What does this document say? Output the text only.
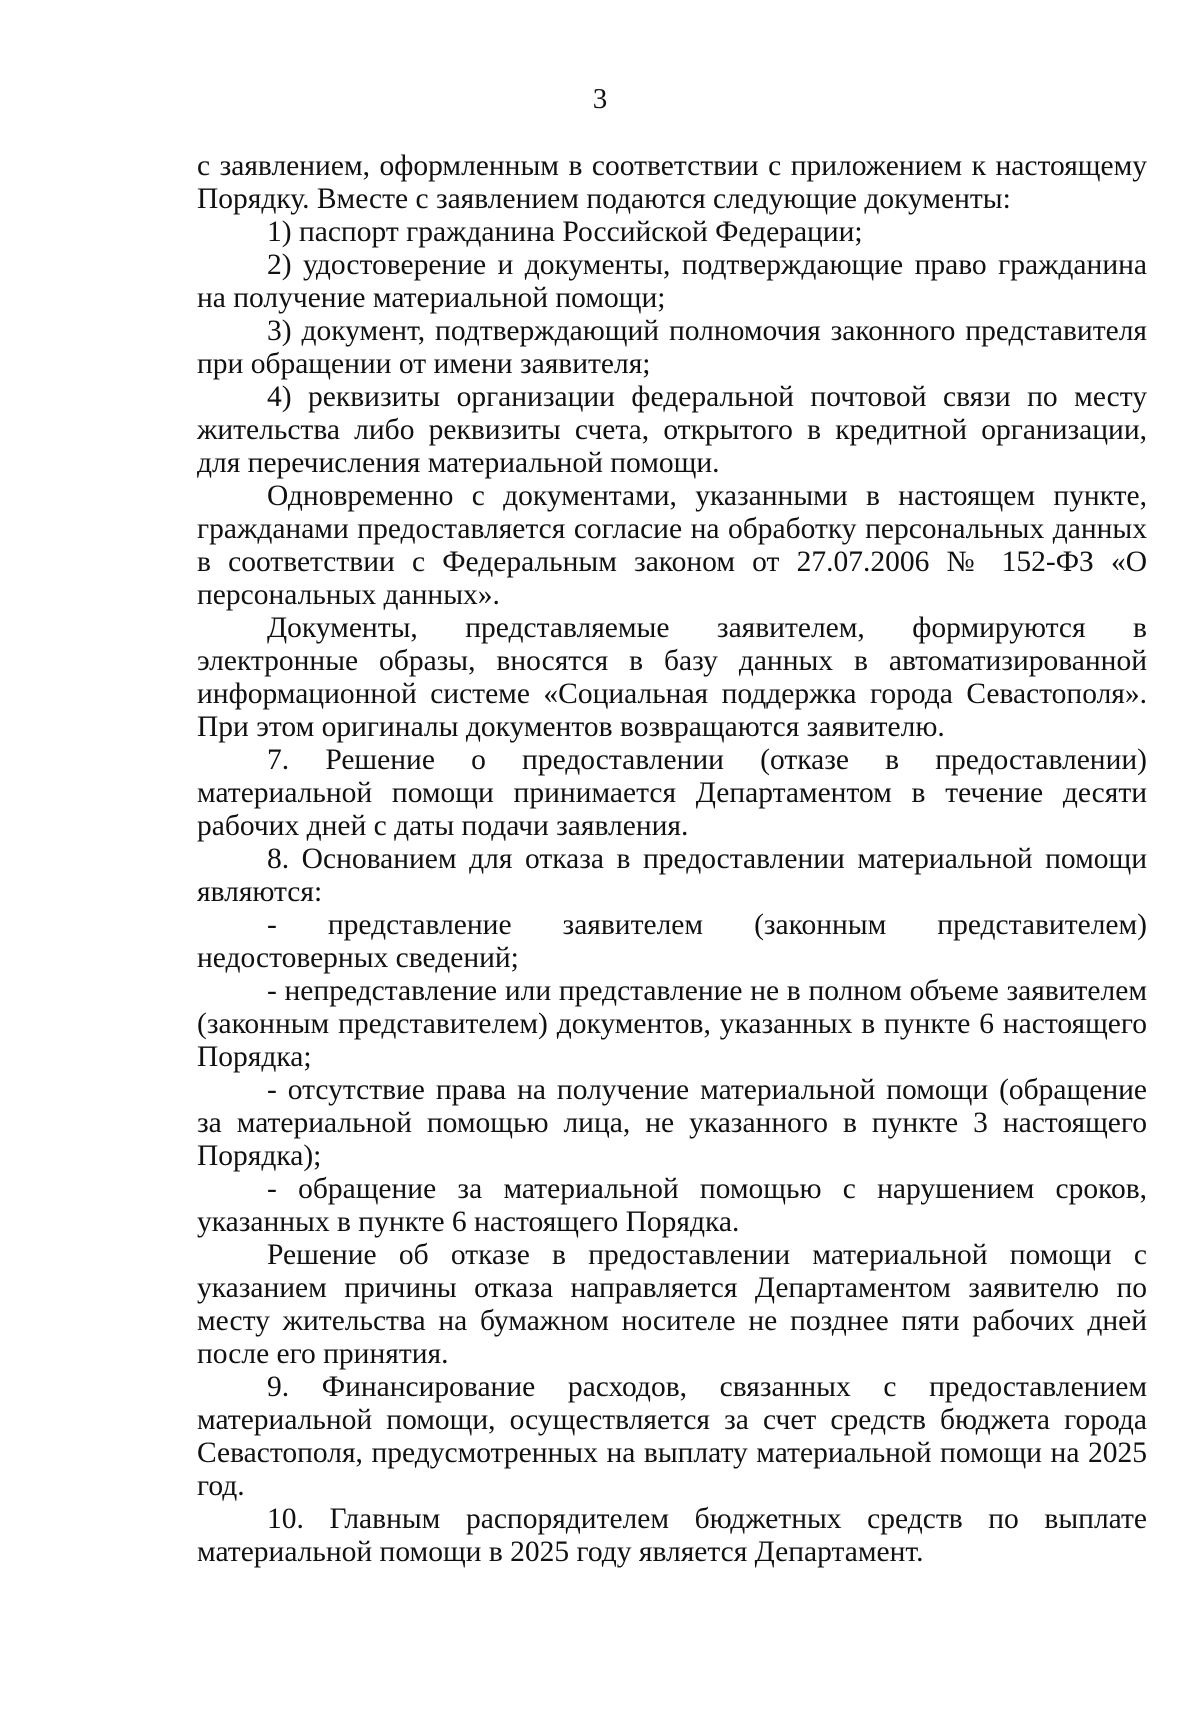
3

с заявлением, оформленным в соответствии с приложением к настоящему Порядку. Вместе с заявлением подаются следующие документы:

1) паспорт гражданина Российской Федерации;

2) удостоверение и документы, подтверждающие право гражданина на получение материальной помощи;

3) документ, подтверждающий полномочия законного представителя при обращении от имени заявителя;

4) реквизиты организации федеральной почтовой связи по месту жительства либо реквизиты счета, открытого в кредитной организации, для перечисления материальной помощи.

Одновременно с документами, указанными в настоящем пункте, гражданами предоставляется согласие на обработку персональных данных в соответствии с Федеральным законом от 27.07.2006 № 152-ФЗ «О персональных данных».

Документы, представляемые заявителем, формируются в электронные образы, вносятся в базу данных в автоматизированной информационной системе «Социальная поддержка города Севастополя». При этом оригиналы документов возвращаются заявителю.

7. Решение о предоставлении (отказе в предоставлении) материальной помощи принимается Департаментом в течение десяти рабочих дней с даты подачи заявления.

8. Основанием для отказа в предоставлении материальной помощи являются:

- представление заявителем (законным представителем) недостоверных сведений;

- непредставление или представление не в полном объеме заявителем (законным представителем) документов, указанных в пункте 6 настоящего Порядка;

- отсутствие права на получение материальной помощи (обращение за материальной помощью лица, не указанного в пункте 3 настоящего Порядка);

- обращение за материальной помощью с нарушением сроков, указанных в пункте 6 настоящего Порядка.

Решение об отказе в предоставлении материальной помощи с указанием причины отказа направляется Департаментом заявителю по месту жительства на бумажном носителе не позднее пяти рабочих дней после его принятия.

9. Финансирование расходов, связанных с предоставлением материальной помощи, осуществляется за счет средств бюджета города Севастополя, предусмотренных на выплату материальной помощи на 2025 год.

10. Главным распорядителем бюджетных средств по выплате материальной помощи в 2025 году является Департамент.
